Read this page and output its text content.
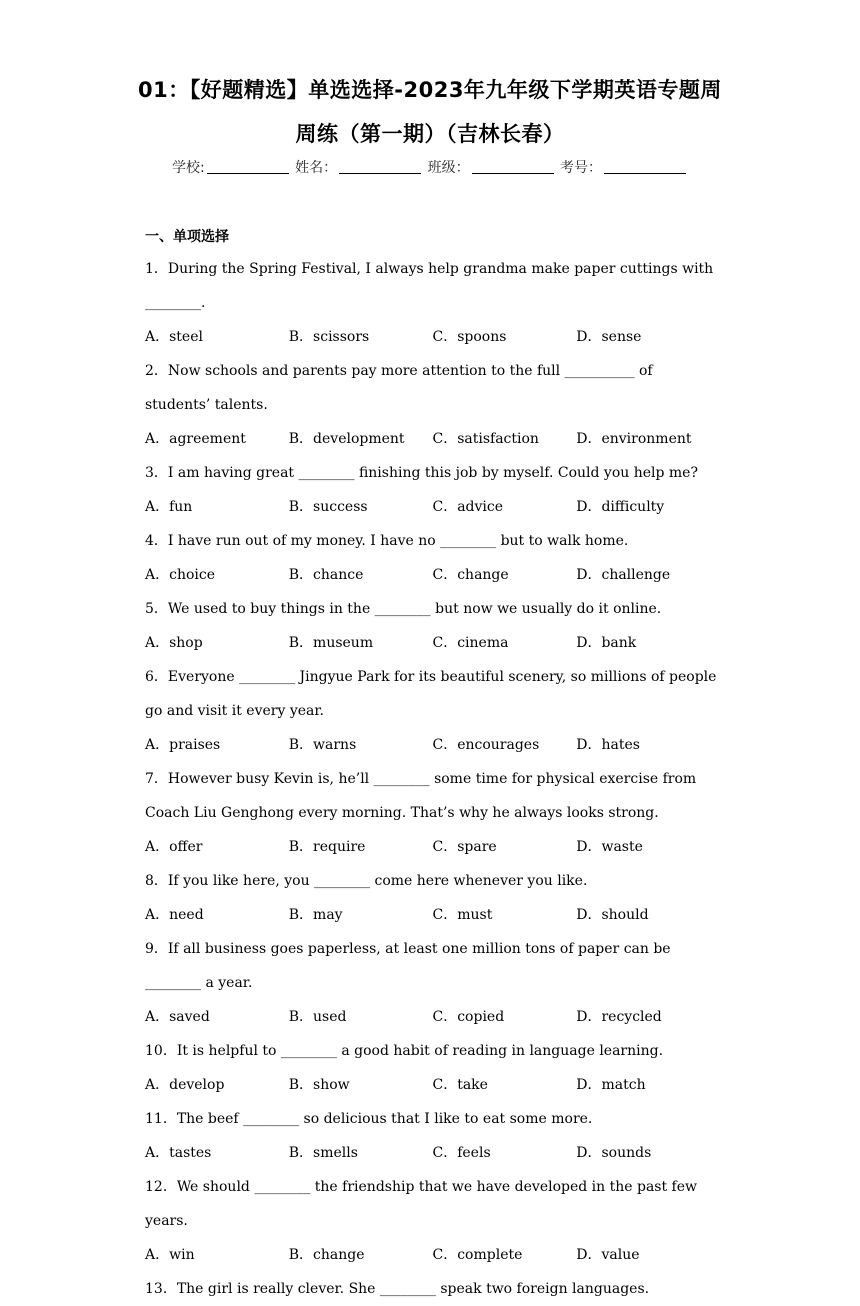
01：【好题精选】单选选择-2023年九年级下学期英语专题周
周练（第一期）（吉林长春）
学校:	姓名：	班级：	考号：
一、单项选择
1．During the Spring Festival, I always help grandma make paper cuttings with ________.
A．steel	B．scissors	C．spoons	D．sense
2．Now schools and parents pay more attention to the full __________ of students’ talents.
A．agreement	B．development	C．satisfaction	D．environment
3．I am having great ________ finishing this job by myself. Could you help me?
A．fun	B．success	C．advice	D．difficulty
4．I have run out of my money. I have no ________ but to walk home.
A．choice	B．chance	C．change	D．challenge
5．We used to buy things in the ________ but now we usually do it online.
A．shop	B．museum	C．cinema	D．bank
6．Everyone ________ Jingyue Park for its beautiful scenery, so millions of people go and visit it every year.
A．praises	B．warns	C．encourages	D．hates
7．However busy Kevin is, he’ll ________ some time for physical exercise from Coach Liu Genghong every morning. That’s why he always looks strong.
A．offer	B．require	C．spare	D．waste
8．If you like here, you ________ come here whenever you like.
A．need	B．may	C．must	D．should
9．If all business goes paperless, at least one million tons of paper can be ________ a year.
A．saved	B．used	C．copied	D．recycled
10．It is helpful to ________ a good habit of reading in language learning.
A．develop	B．show	C．take	D．match
11．The beef ________ so delicious that I like to eat some more.
A．tastes	B．smells	C．feels	D．sounds
12．We should ________ the friendship that we have developed in the past few years.
A．win	B．change	C．complete	D．value
13．The girl is really clever. She ________ speak two foreign languages.
